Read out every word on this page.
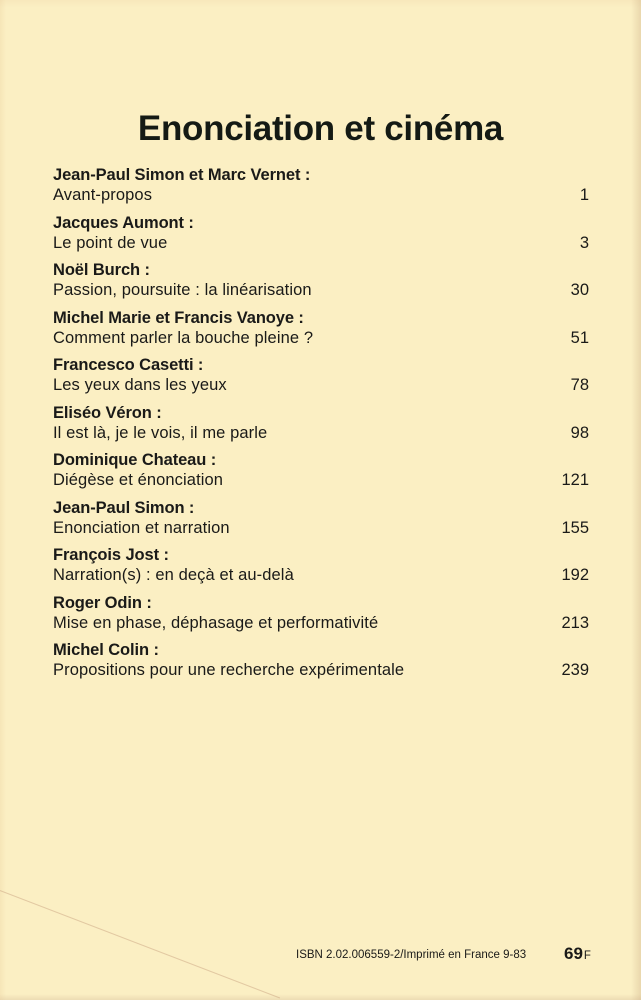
Enonciation et cinéma
Jean-Paul Simon et Marc Vernet :
Avant-propos	1
Jacques Aumont :
Le point de vue	3
Noël Burch :
Passion, poursuite : la linéarisation	30
Michel Marie et Francis Vanoye :
Comment parler la bouche pleine ?	51
Francesco Casetti :
Les yeux dans les yeux	78
Eliséo Véron :
Il est là, je le vois, il me parle	98
Dominique Chateau :
Diégèse et énonciation	121
Jean-Paul Simon :
Enonciation et narration	155
François Jost :
Narration(s) : en deçà et au-delà	192
Roger Odin :
Mise en phase, déphasage et performativité	213
Michel Colin :
Propositions pour une recherche expérimentale	239
ISBN 2.02.006559-2/Imprimé en France 9-83 69F
